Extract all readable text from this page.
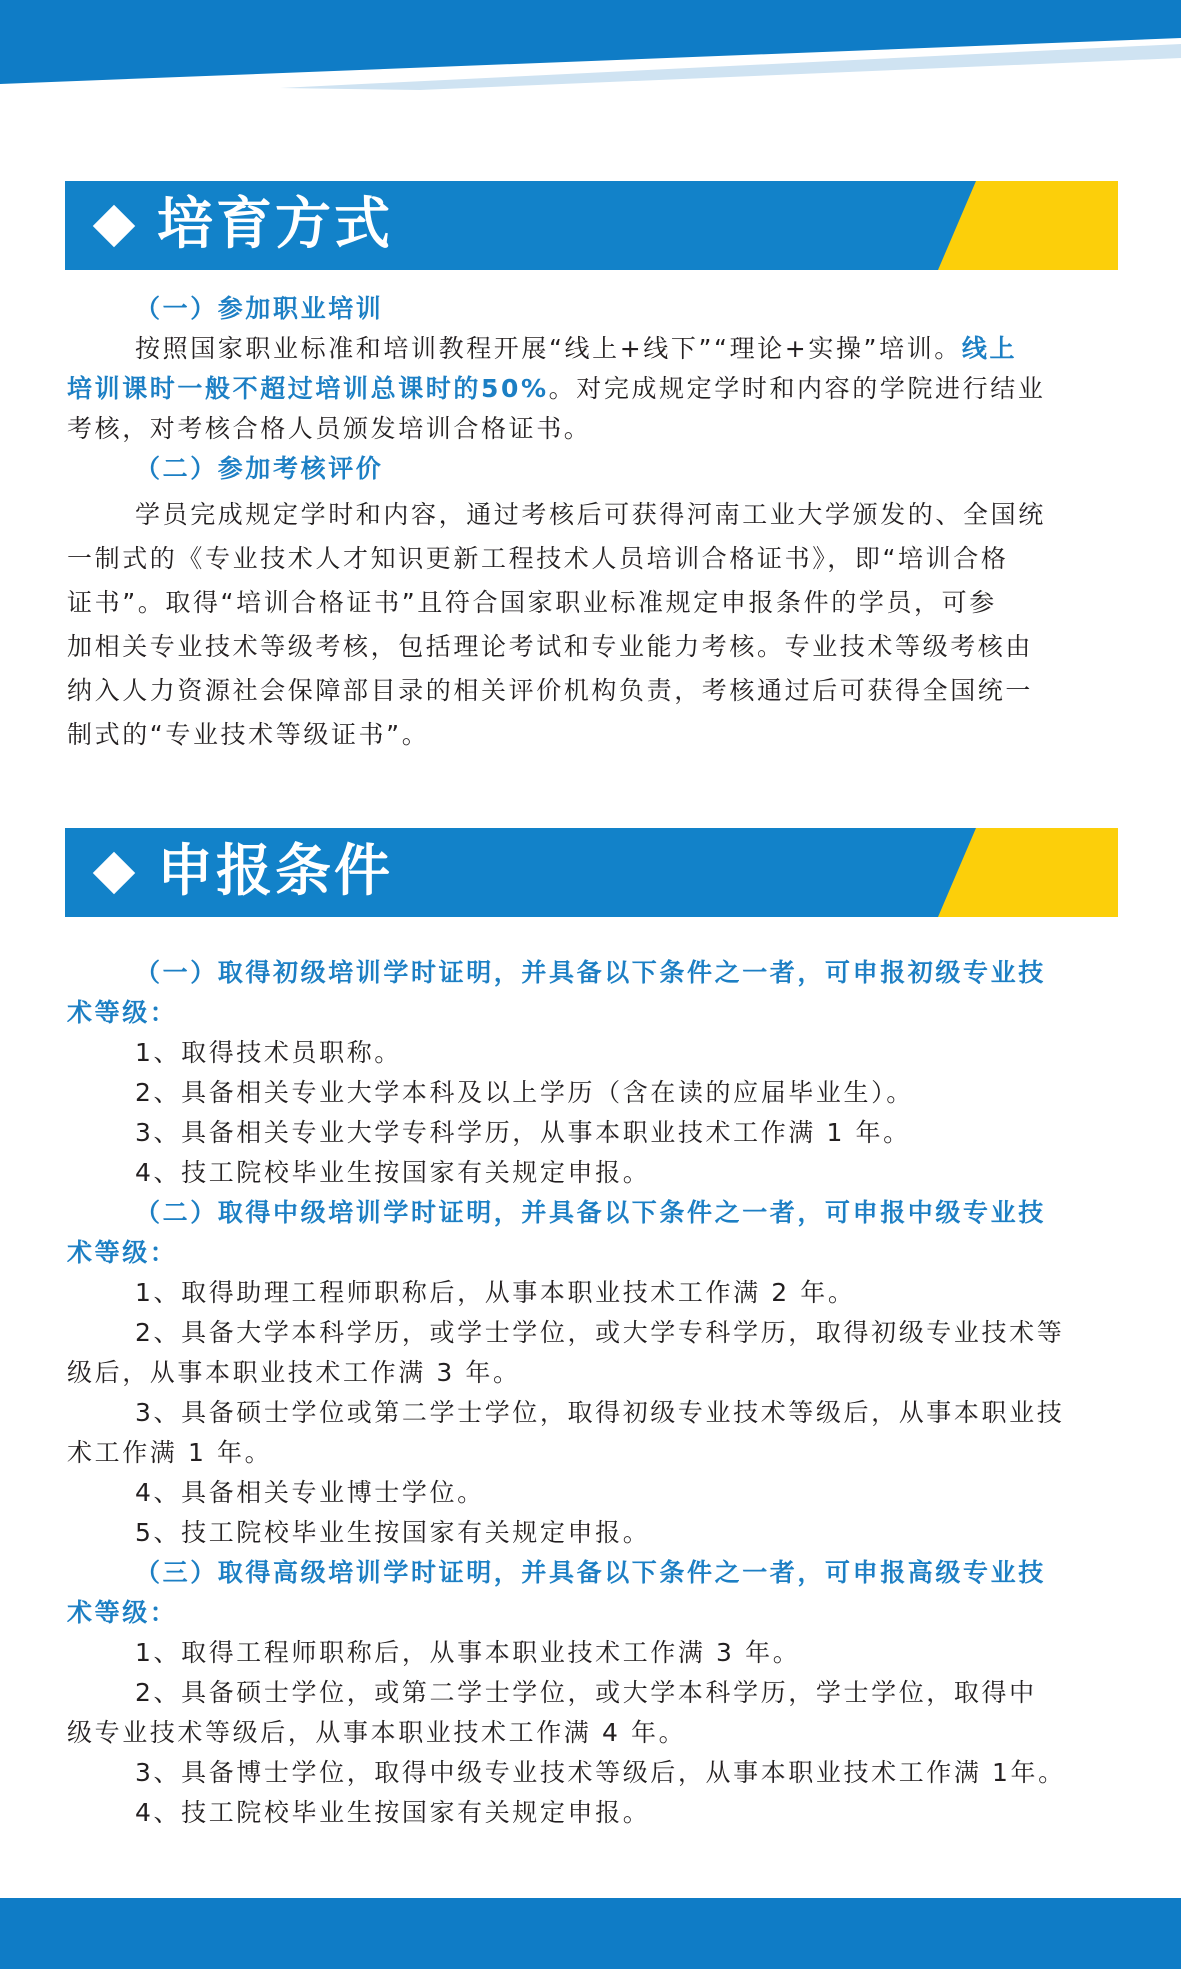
培育方式
（一）参加职业培训
按照国家职业标准和培训教程开展“线上+线下”“理论+实操”培训。线上
培训课时一般不超过培训总课时的50%。对完成规定学时和内容的学院进行结业
考核，对考核合格人员颁发培训合格证书。
（二）参加考核评价
学员完成规定学时和内容，通过考核后可获得河南工业大学颁发的、全国统
一制式的《专业技术人才知识更新工程技术人员培训合格证书》，即“培训合格
证书”。取得“培训合格证书”且符合国家职业标准规定申报条件的学员，可参
加相关专业技术等级考核，包括理论考试和专业能力考核。专业技术等级考核由
纳入人力资源社会保障部目录的相关评价机构负责，考核通过后可获得全国统一
制式的“专业技术等级证书”。
申报条件
（一）取得初级培训学时证明，并具备以下条件之一者，可申报初级专业技
术等级：
1、取得技术员职称。
2、具备相关专业大学本科及以上学历（含在读的应届毕业生）。
3、具备相关专业大学专科学历，从事本职业技术工作满 1 年。
4、技工院校毕业生按国家有关规定申报。
（二）取得中级培训学时证明，并具备以下条件之一者，可申报中级专业技
术等级：
1、取得助理工程师职称后，从事本职业技术工作满 2 年。
2、具备大学本科学历，或学士学位，或大学专科学历，取得初级专业技术等
级后，从事本职业技术工作满 3 年。
3、具备硕士学位或第二学士学位，取得初级专业技术等级后，从事本职业技
术工作满 1 年。
4、具备相关专业博士学位。
5、技工院校毕业生按国家有关规定申报。
（三）取得高级培训学时证明，并具备以下条件之一者，可申报高级专业技
术等级：
1、取得工程师职称后，从事本职业技术工作满 3 年。
2、具备硕士学位，或第二学士学位，或大学本科学历，学士学位，取得中
级专业技术等级后，从事本职业技术工作满 4 年。
3、具备博士学位，取得中级专业技术等级后，从事本职业技术工作满 1年。
4、技工院校毕业生按国家有关规定申报。
